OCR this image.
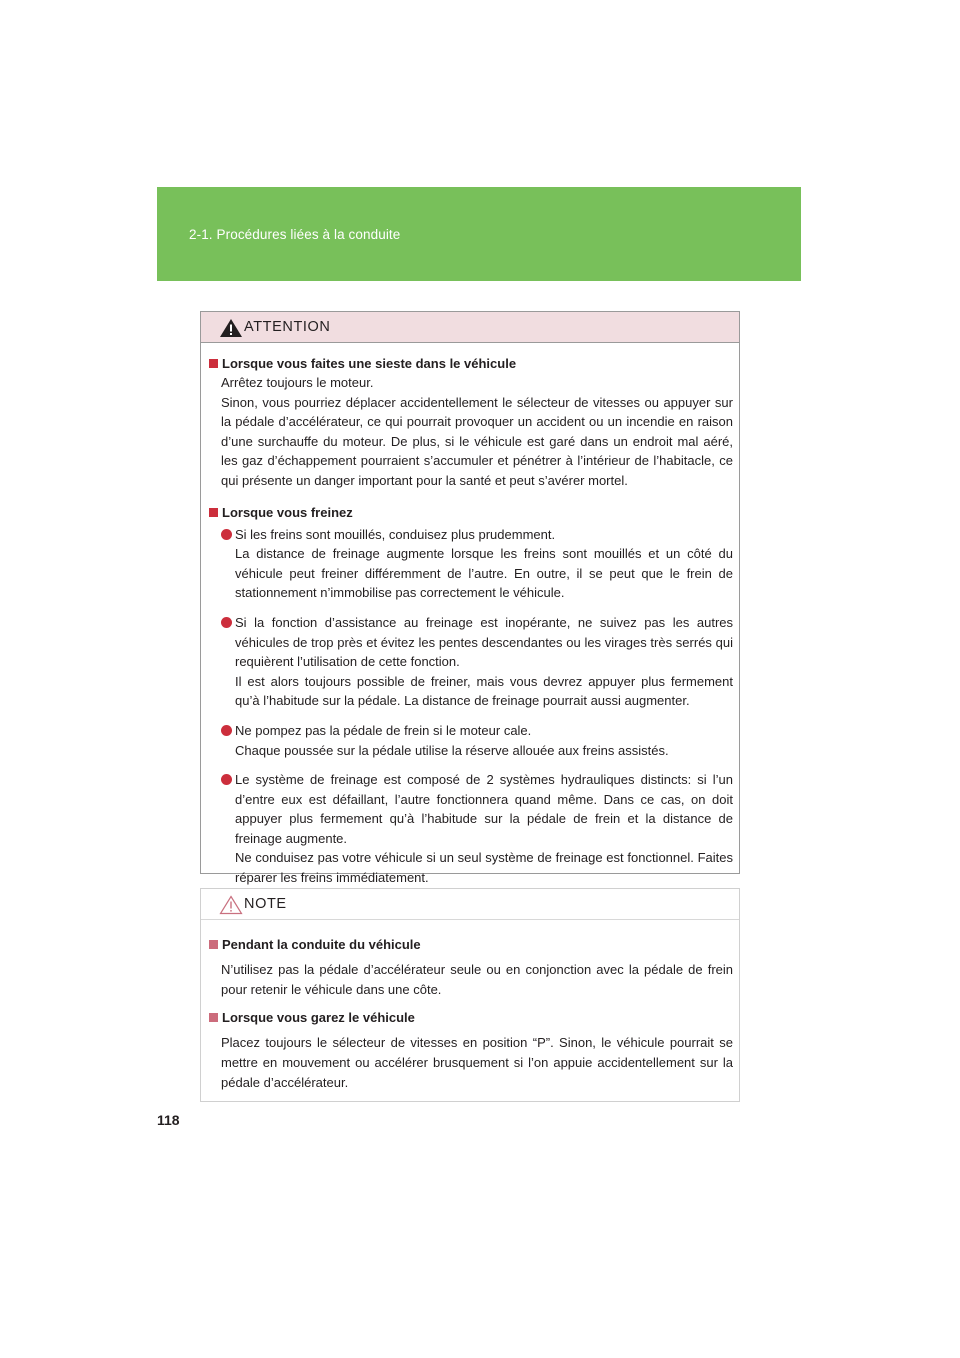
2-1. Procédures liées à la conduite
ATTENTION
Lorsque vous faites une sieste dans le véhicule

Arrêtez toujours le moteur.

Sinon, vous pourriez déplacer accidentellement le sélecteur de vitesses ou appuyer sur la pédale d’accélérateur, ce qui pourrait provoquer un accident ou un incendie en raison d’une surchauffe du moteur. De plus, si le véhicule est garé dans un endroit mal aéré, les gaz d’échappement pourraient s’accumuler et pénétrer à l’intérieur de l’habitacle, ce qui présente un danger important pour la santé et peut s’avérer mortel.

Lorsque vous freinez

Si les freins sont mouillés, conduisez plus prudemment.

La distance de freinage augmente lorsque les freins sont mouillés et un côté du véhicule peut freiner différemment de l’autre. En outre, il se peut que le frein de stationnement n’immobilise pas correctement le véhicule.

Si la fonction d’assistance au freinage est inopérante, ne suivez pas les autres véhicules de trop près et évitez les pentes descendantes ou les virages très serrés qui requièrent l’utilisation de cette fonction.

Il est alors toujours possible de freiner, mais vous devrez appuyer plus fermement qu’à l’habitude sur la pédale. La distance de freinage pourrait aussi augmenter.

Ne pompez pas la pédale de frein si le moteur cale.

Chaque poussée sur la pédale utilise la réserve allouée aux freins assistés.

Le système de freinage est composé de 2 systèmes hydrauliques distincts: si l’un d’entre eux est défaillant, l’autre fonctionnera quand même. Dans ce cas, on doit appuyer plus fermement qu’à l’habitude sur la pédale de frein et la distance de freinage augmente.

Ne conduisez pas votre véhicule si un seul système de freinage est fonctionnel. Faites réparer les freins immédiatement.

NOTE
Pendant la conduite du véhicule

N’utilisez pas la pédale d’accélérateur seule ou en conjonction avec la pédale de frein pour retenir le véhicule dans une côte.

Lorsque vous garez le véhicule

Placez toujours le sélecteur de vitesses en position “P”. Sinon, le véhicule pourrait se mettre en mouvement ou accélérer brusquement si l’on appuie accidentellement sur la pédale d’accélérateur.

118
